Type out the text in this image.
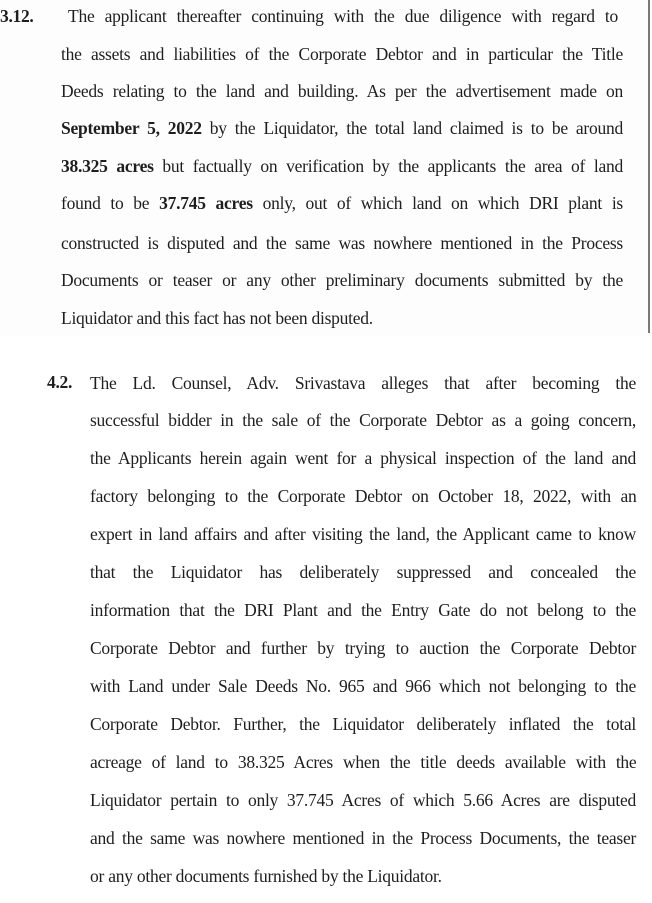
3.12. The applicant thereafter continuing with the due diligence with regard to
the assets and liabilities of the Corporate Debtor and in particular the Title
Deeds relating to the land and building. As per the advertisement made on
September 5, 2022 by the Liquidator, the total land claimed is to be around
38.325 acres but factually on verification by the applicants the area of land
found to be 37.745 acres only, out of which land on which DRI plant is
constructed is disputed and the same was nowhere mentioned in the Process
Documents or teaser or any other preliminary documents submitted by the
Liquidator and this fact has not been disputed.
4.2. The Ld. Counsel, Adv. Srivastava alleges that after becoming the
successful bidder in the sale of the Corporate Debtor as a going concern,
the Applicants herein again went for a physical inspection of the land and
factory belonging to the Corporate Debtor on October 18, 2022, with an
expert in land affairs and after visiting the land, the Applicant came to know
that the Liquidator has deliberately suppressed and concealed the
information that the DRI Plant and the Entry Gate do not belong to the
Corporate Debtor and further by trying to auction the Corporate Debtor
with Land under Sale Deeds No. 965 and 966 which not belonging to the
Corporate Debtor. Further, the Liquidator deliberately inflated the total
acreage of land to 38.325 Acres when the title deeds available with the
Liquidator pertain to only 37.745 Acres of which 5.66 Acres are disputed
and the same was nowhere mentioned in the Process Documents, the teaser
or any other documents furnished by the Liquidator.
